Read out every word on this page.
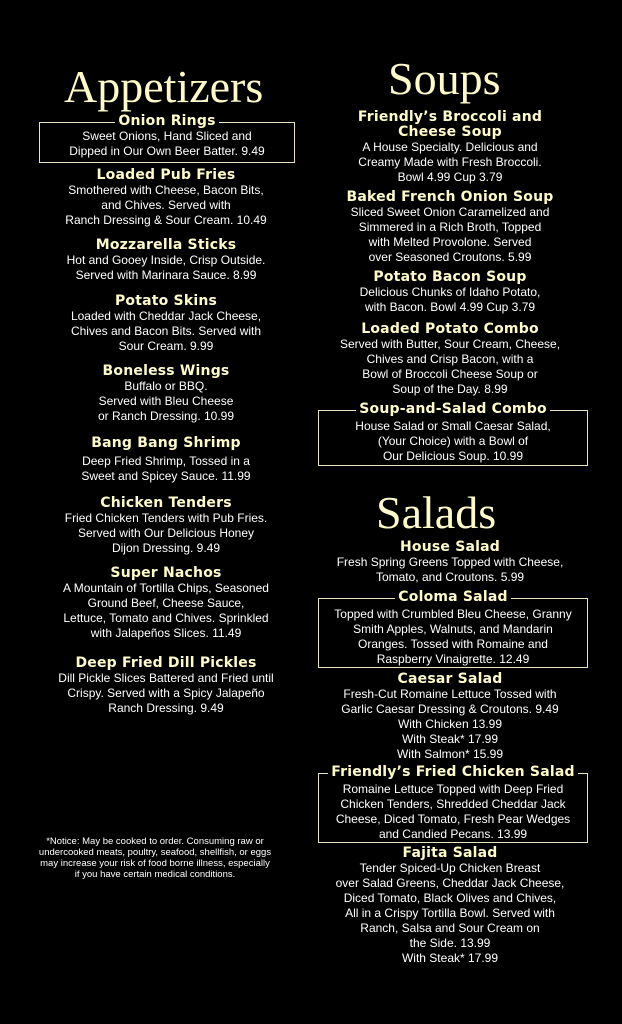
Appetizers
Onion Rings
Sweet Onions, Hand Sliced and
Dipped in Our Own Beer Batter. 9.49
Loaded Pub Fries
Smothered with Cheese, Bacon Bits,
and Chives. Served with
Ranch Dressing & Sour Cream. 10.49
Mozzarella Sticks
Hot and Gooey Inside, Crisp Outside.
Served with Marinara Sauce. 8.99
Potato Skins
Loaded with Cheddar Jack Cheese,
Chives and Bacon Bits. Served with
Sour Cream. 9.99
Boneless Wings
Buffalo or BBQ.
Served with Bleu Cheese
or Ranch Dressing. 10.99
Bang Bang Shrimp
Deep Fried Shrimp, Tossed in a
Sweet and Spicey Sauce. 11.99
Chicken Tenders
Fried Chicken Tenders with Pub Fries.
Served with Our Delicious Honey
Dijon Dressing. 9.49
Super Nachos
A Mountain of Tortilla Chips, Seasoned
Ground Beef, Cheese Sauce,
Lettuce, Tomato and Chives. Sprinkled
with Jalapeños Slices. 11.49
Deep Fried Dill Pickles
Dill Pickle Slices Battered and Fried until
Crispy. Served with a Spicy Jalapeño
Ranch Dressing. 9.49
*Notice: May be cooked to order. Consuming raw or
undercooked meats, poultry, seafood, shellfish, or eggs
may increase your risk of food borne illness, especially
if you have certain medical conditions.
Soups
Friendly’s Broccoli and
Cheese Soup
A House Specialty. Delicious and
Creamy Made with Fresh Broccoli.
Bowl 4.99 Cup 3.79
Baked French Onion Soup
Sliced Sweet Onion Caramelized and
Simmered in a Rich Broth, Topped
with Melted Provolone. Served
over Seasoned Croutons. 5.99
Potato Bacon Soup
Delicious Chunks of Idaho Potato,
with Bacon. Bowl 4.99 Cup 3.79
Loaded Potato Combo
Served with Butter, Sour Cream, Cheese,
Chives and Crisp Bacon, with a
Bowl of Broccoli Cheese Soup or
Soup of the Day. 8.99
Soup-and-Salad Combo
House Salad or Small Caesar Salad,
(Your Choice) with a Bowl of
Our Delicious Soup. 10.99
Salads
House Salad
Fresh Spring Greens Topped with Cheese,
Tomato, and Croutons. 5.99
Coloma Salad
Topped with Crumbled Bleu Cheese, Granny
Smith Apples, Walnuts, and Mandarin
Oranges. Tossed with Romaine and
Raspberry Vinaigrette. 12.49
Caesar Salad
Fresh-Cut Romaine Lettuce Tossed with
Garlic Caesar Dressing & Croutons. 9.49
With Chicken 13.99
With Steak* 17.99
With Salmon* 15.99
Friendly’s Fried Chicken Salad
Romaine Lettuce Topped with Deep Fried
Chicken Tenders, Shredded Cheddar Jack
Cheese, Diced Tomato, Fresh Pear Wedges
and Candied Pecans. 13.99
Fajita Salad
Tender Spiced-Up Chicken Breast
over Salad Greens, Cheddar Jack Cheese,
Diced Tomato, Black Olives and Chives,
All in a Crispy Tortilla Bowl. Served with
Ranch, Salsa and Sour Cream on
the Side. 13.99
With Steak* 17.99
